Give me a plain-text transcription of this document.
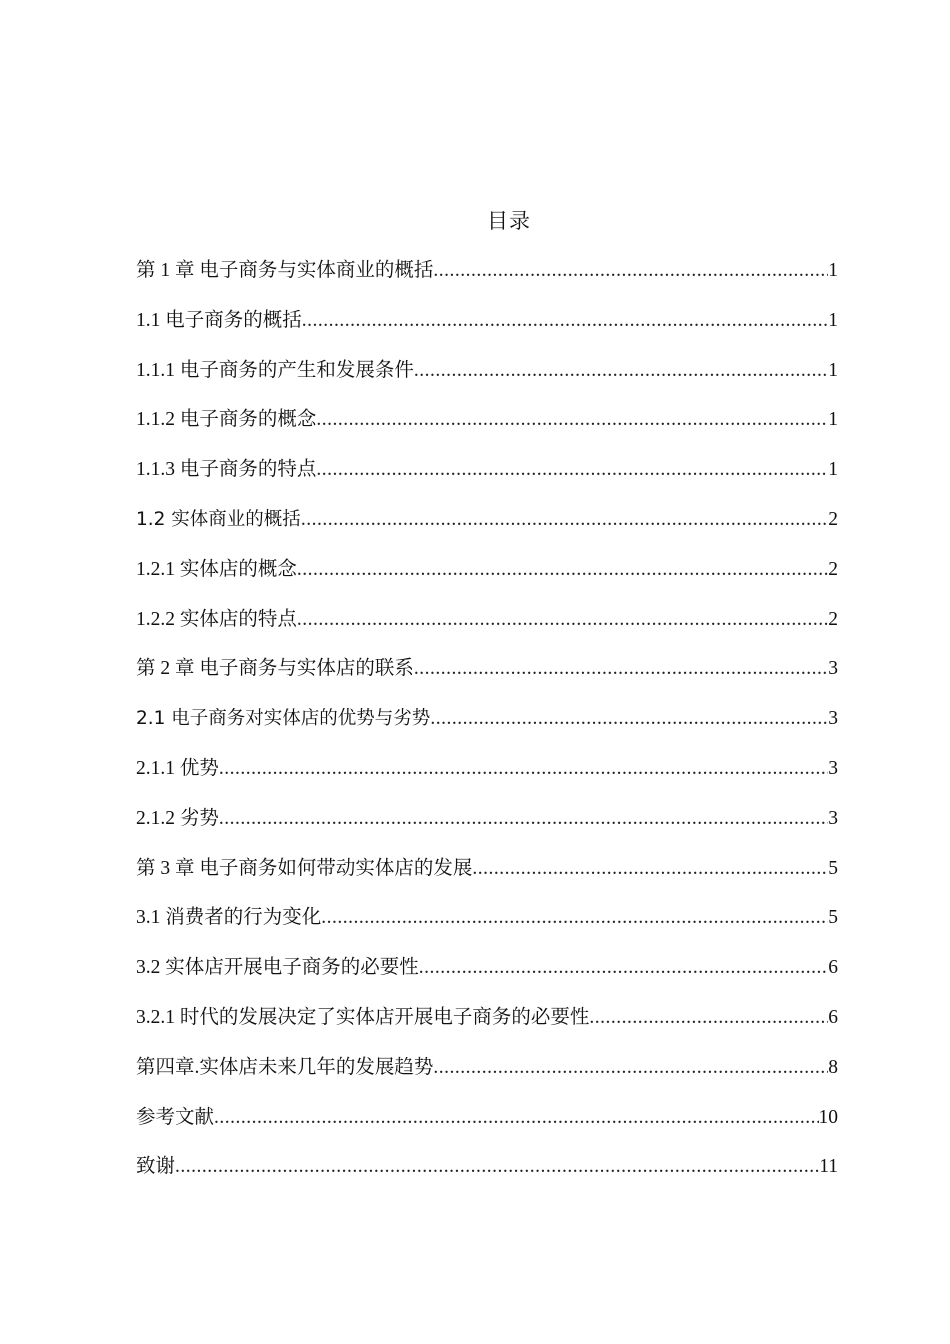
目录
第 1 章 电子商务与实体商业的概括 .....	1
1.1 电子商务的概括 .....	1
1.1.1 电子商务的产生和发展条件 .....	1
1.1.2 电子商务的概念 .....	1
1.1.3 电子商务的特点 .....	1
1.2 实体商业的概括 .....	2
1.2.1 实体店的概念 .....	2
1.2.2 实体店的特点 .....	2
第 2 章 电子商务与实体店的联系 .....	3
2.1 电子商务对实体店的优势与劣势 .....	3
2.1.1 优势 .....	3
2.1.2 劣势 .....	3
第 3 章 电子商务如何带动实体店的发展 .....	5
3.1 消费者的行为变化 .....	5
3.2 实体店开展电子商务的必要性 .....	6
3.2.1 时代的发展决定了实体店开展电子商务的必要性 .....	6
第四章.实体店未来几年的发展趋势 .....	8
参考文献 .....	10
致谢 .....	11
